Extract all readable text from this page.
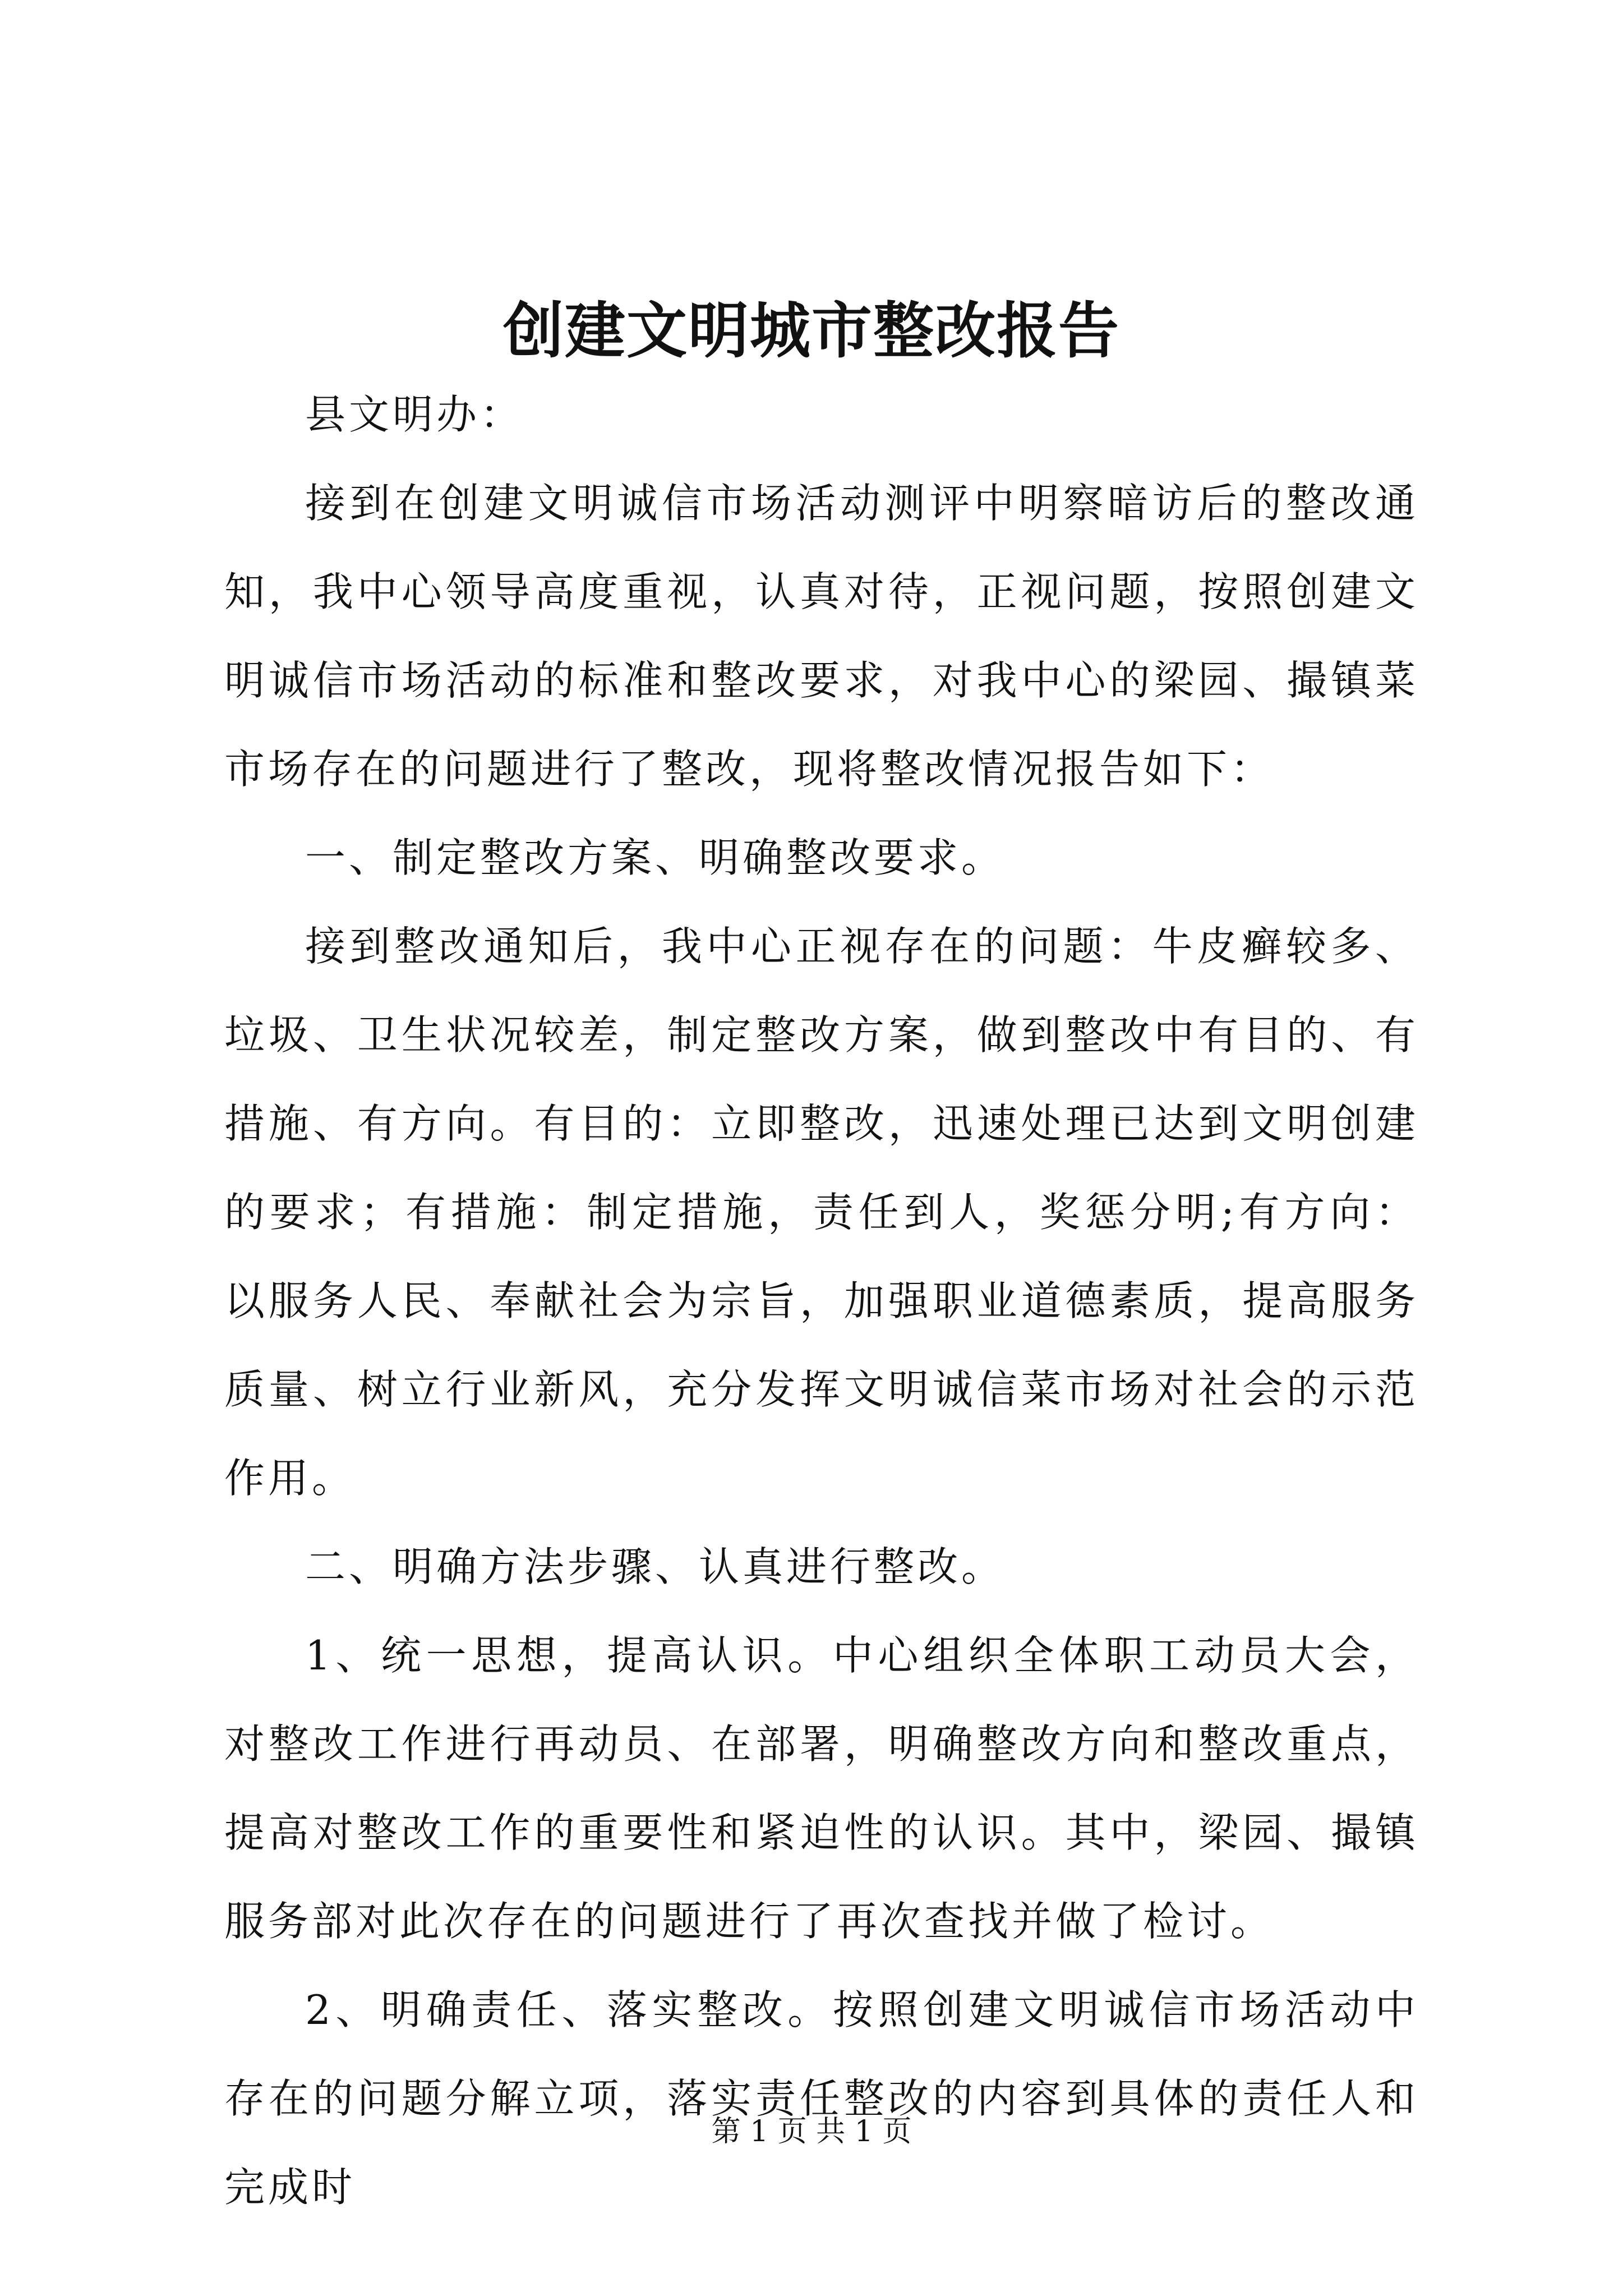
创建文明城市整改报告

县文明办：

接到在创建文明诚信市场活动测评中明察暗访后的整改通知，我中心领导高度重视，认真对待，正视问题，按照创建文明诚信市场活动的标准和整改要求，对我中心的梁园、撮镇菜市场存在的问题进行了整改，现将整改情况报告如下：

一、制定整改方案、明确整改要求。

接到整改通知后，我中心正视存在的问题：牛皮癣较多、垃圾、卫生状况较差，制定整改方案，做到整改中有目的、有措施、有方向。有目的：立即整改，迅速处理已达到文明创建的要求；有措施：制定措施，责任到人，奖惩分明;有方向：以服务人民、奉献社会为宗旨，加强职业道德素质，提高服务质量、树立行业新风，充分发挥文明诚信菜市场对社会的示范作用。

二、明确方法步骤、认真进行整改。

1、统一思想，提高认识。中心组织全体职工动员大会，对整改工作进行再动员、在部署，明确整改方向和整改重点，提高对整改工作的重要性和紧迫性的认识。其中，梁园、撮镇服务部对此次存在的问题进行了再次查找并做了检讨。

2、明确责任、落实整改。按照创建文明诚信市场活动中存在的问题分解立项，落实责任整改的内容到具体的责任人和完成时

第 1 页 共 1 页
